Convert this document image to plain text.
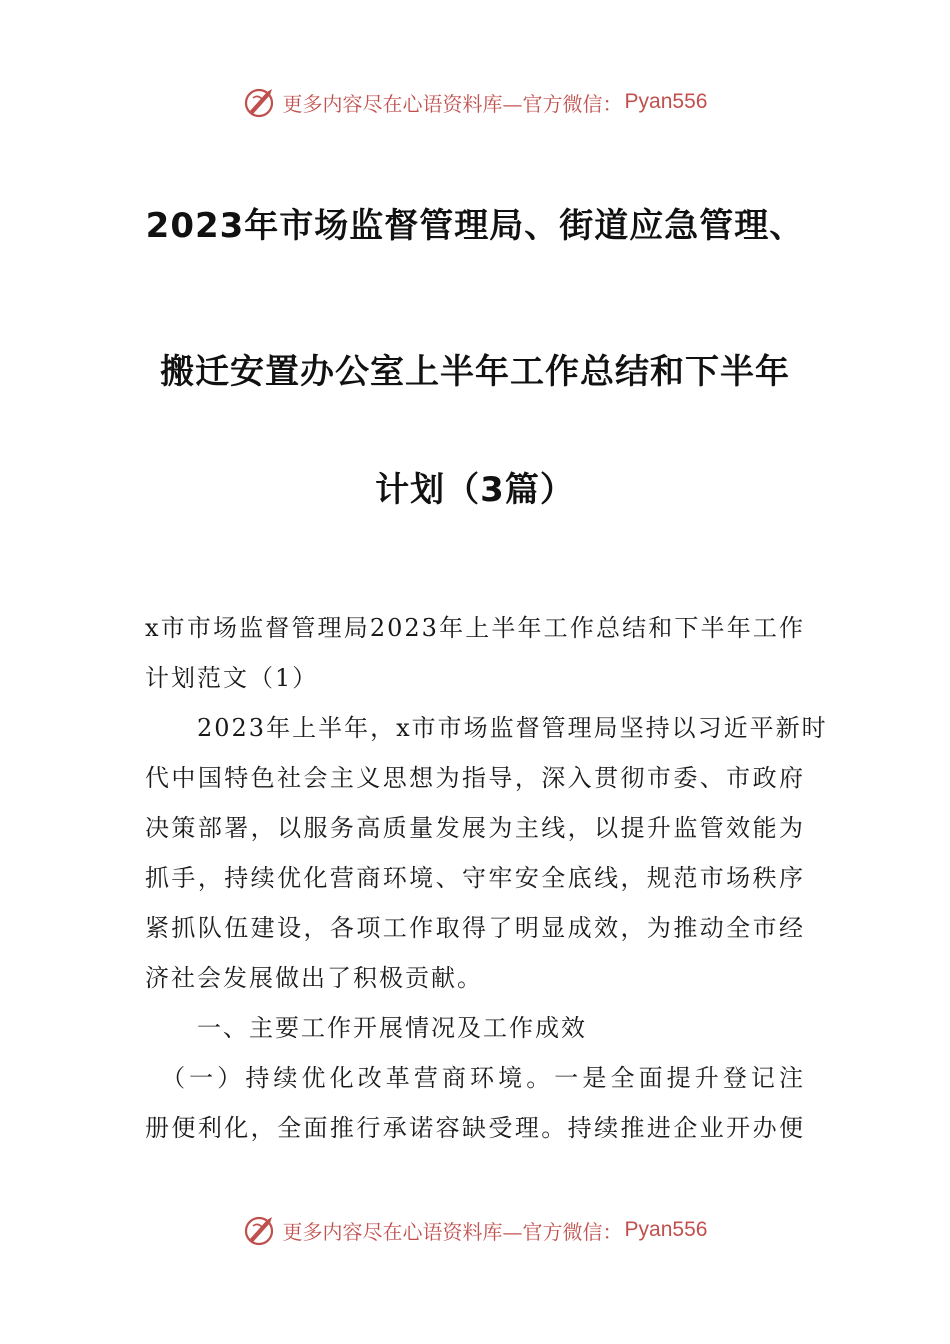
更多内容尽在心语资料库—官方微信： Pyan556
2023年市场监督管理局、街道应急管理、
搬迁安置办公室上半年工作总结和下半年
计划（3篇）
x市市场监督管理局2023年上半年工作总结和下半年工作
计划范文（1）
　　2023年上半年，x市市场监督管理局坚持以习近平新时
代中国特色社会主义思想为指导，深入贯彻市委、市政府
决策部署，以服务高质量发展为主线，以提升监管效能为
抓手，持续优化营商环境、守牢安全底线，规范市场秩序
紧抓队伍建设，各项工作取得了明显成效，为推动全市经
济社会发展做出了积极贡献。
　　一、主要工作开展情况及工作成效
　（一）持续优化改革营商环境。一是全面提升登记注
册便利化，全面推行承诺容缺受理。持续推进企业开办便
更多内容尽在心语资料库—官方微信： Pyan556
